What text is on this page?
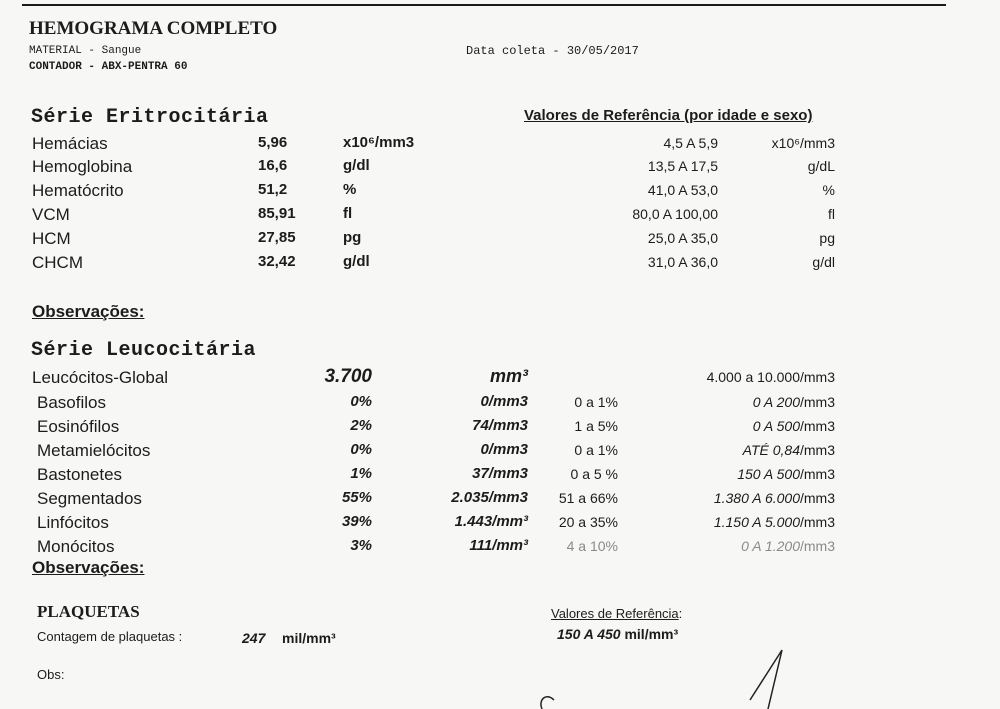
HEMOGRAMA COMPLETO
MATERIAL - Sangue
CONTADOR - ABX-PENTRA 60
Data coleta - 30/05/2017
Série Eritrocitária	Valores de Referência (por idade e sexo)
Hemácias	5,96	x10⁶/mm3	4,5 A 5,9	x10⁶/mm3
Hemoglobina	16,6	g/dl	13,5 A 17,5	g/dL
Hematócrito	51,2	%	41,0 A 53,0	%
VCM	85,91	fl	80,0 A 100,00	fl
HCM	27,85	pg	25,0 A 35,0	pg
CHCM	32,42	g/dl	31,0 A 36,0	g/dl
Observações:
Série Leucocitária
Leucócitos-Global	3.700	mm³	4.000 a 10.000/mm3
Basofilos	0%	0/mm3	0 a 1%	0 A 200/mm3
Eosinófilos	2%	74/mm3	1 a 5%	0 A 500/mm3
Metamielócitos	0%	0/mm3	0 a 1%	ATÉ 0,84/mm3
Bastonetes	1%	37/mm3	0 a 5 %	150 A 500/mm3
Segmentados	55%	2.035/mm3	51 a 66%	1.380 A 6.000/mm3
Linfócitos	39%	1.443/mm³	20 a 35%	1.150 A 5.000/mm3
Monócitos	3%	111/mm³	4 a 10%	0 A 1.200/mm3
Observações:
PLAQUETAS
Contagem de plaquetas :	247 mil/mm³
Valores de Referência:
150 A 450 mil/mm³
Obs:
